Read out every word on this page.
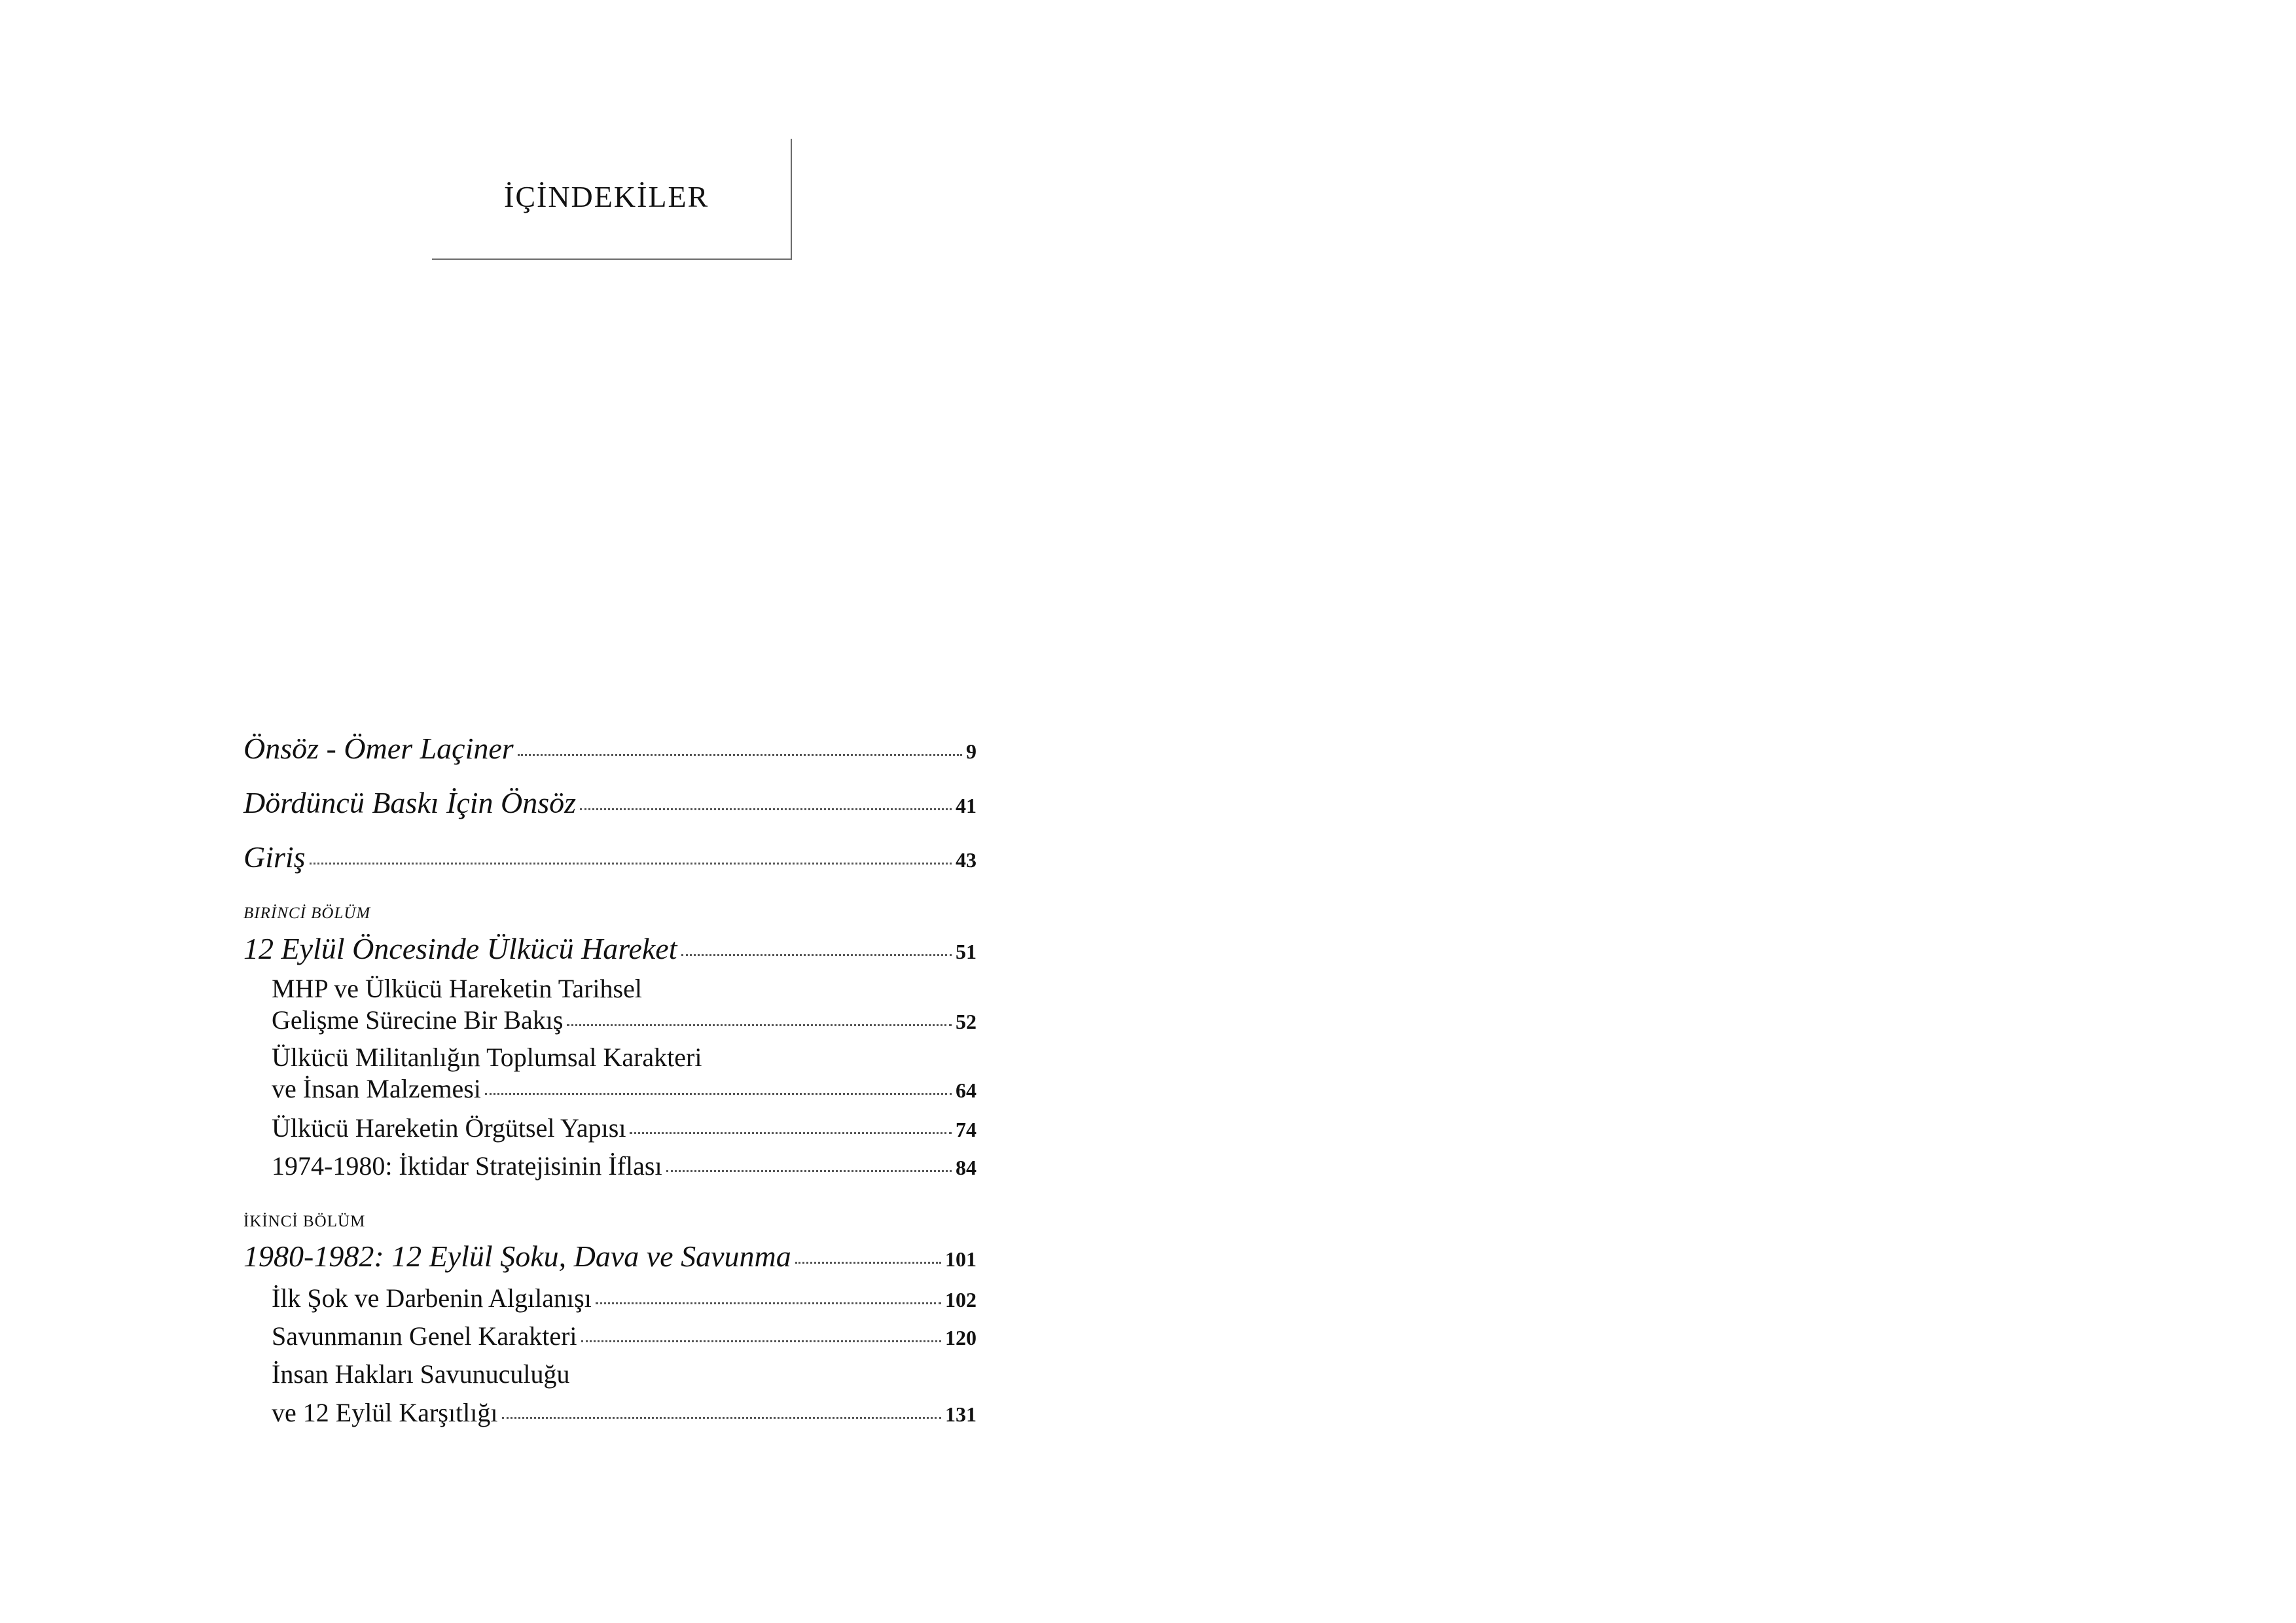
İÇİNDEKİLER
Önsöz - Ömer Laçiner	9
Dördüncü Baskı İçin Önsöz	41
Giriş	43
BIRİNCİ BÖLÜM
12 Eylül Öncesinde Ülkücü Hareket	51
MHP ve Ülkücü Hareketin Tarihsel
Gelişme Sürecine Bir Bakış	52
Ülkücü Militanlığın Toplumsal Karakteri
ve İnsan Malzemesi	64
Ülkücü Hareketin Örgütsel Yapısı	74
1974-1980: İktidar Stratejisinin İflası	84
İKİNCİ BÖLÜM
1980-1982: 12 Eylül Şoku, Dava ve Savunma	101
İlk Şok ve Darbenin Algılanışı	102
Savunmanın Genel Karakteri	120
İnsan Hakları Savunuculuğu
ve 12 Eylül Karşıtlığı	131
